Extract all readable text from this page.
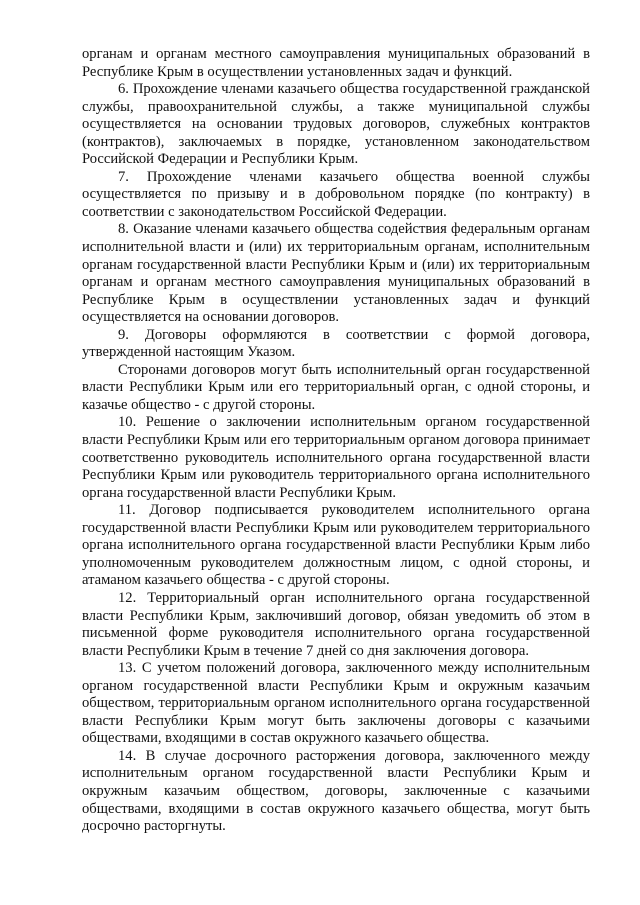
органам и органам местного самоуправления муниципальных образований в Республике Крым в осуществлении установленных задач и функций.

6. Прохождение членами казачьего общества государственной гражданской службы, правоохранительной службы, а также муниципальной службы осуществляется на основании трудовых договоров, служебных контрактов (контрактов), заключаемых в порядке, установленном законодательством Российской Федерации и Республики Крым.

7. Прохождение членами казачьего общества военной службы осуществляется по призыву и в добровольном порядке (по контракту) в соответствии с законодательством Российской Федерации.

8. Оказание членами казачьего общества содействия федеральным органам исполнительной власти и (или) их территориальным органам, исполнительным органам государственной власти Республики Крым и (или) их территориальным органам и органам местного самоуправления муниципальных образований в Республике Крым в осуществлении установленных задач и функций осуществляется на основании договоров.

9. Договоры оформляются в соответствии с формой договора, утвержденной настоящим Указом.

Сторонами договоров могут быть исполнительный орган государственной власти Республики Крым или его территориальный орган, с одной стороны, и казачье общество - с другой стороны.

10. Решение о заключении исполнительным органом государственной власти Республики Крым или его территориальным органом договора принимает соответственно руководитель исполнительного органа государственной власти Республики Крым или руководитель территориального органа исполнительного органа государственной власти Республики Крым.

11. Договор подписывается руководителем исполнительного органа государственной власти Республики Крым или руководителем территориального органа исполнительного органа государственной власти Республики Крым либо уполномоченным руководителем должностным лицом, с одной стороны, и атаманом казачьего общества - с другой стороны.

12. Территориальный орган исполнительного органа государственной власти Республики Крым, заключивший договор, обязан уведомить об этом в письменной форме руководителя исполнительного органа государственной власти Республики Крым в течение 7 дней со дня заключения договора.

13. С учетом положений договора, заключенного между исполнительным органом государственной власти Республики Крым и окружным казачьим обществом, территориальным органом исполнительного органа государственной власти Республики Крым могут быть заключены договоры с казачьими обществами, входящими в состав окружного казачьего общества.

14. В случае досрочного расторжения договора, заключенного между исполнительным органом государственной власти Республики Крым и окружным казачьим обществом, договоры, заключенные с казачьими обществами, входящими в состав окружного казачьего общества, могут быть досрочно расторгнуты.
